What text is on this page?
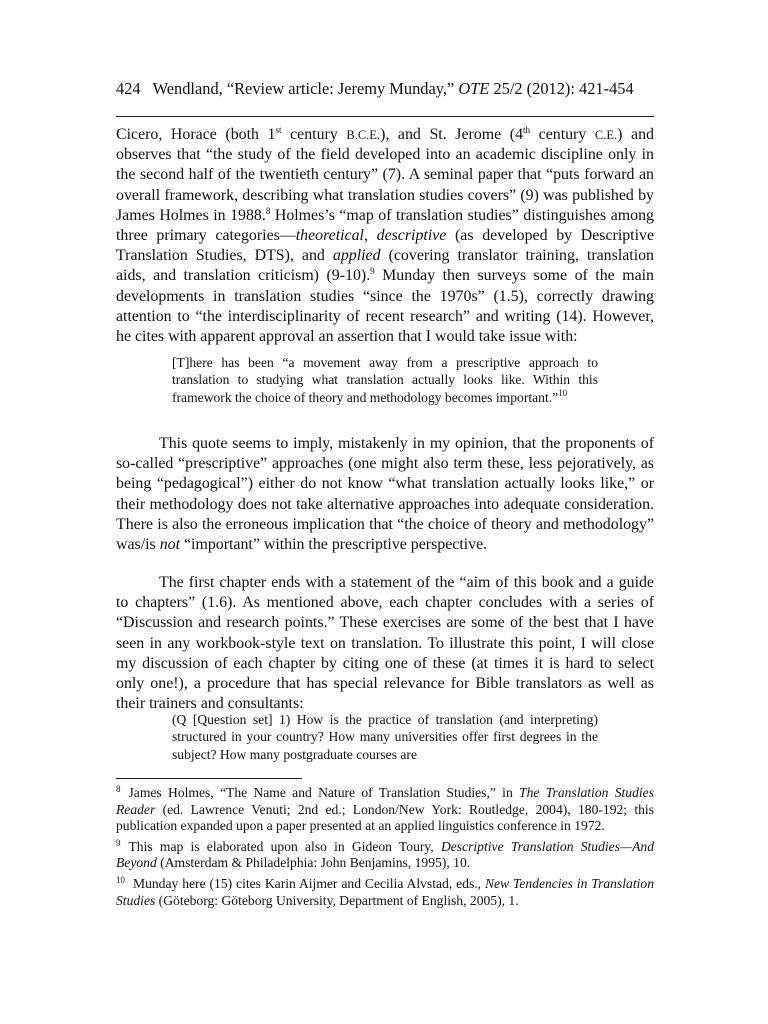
424 Wendland, “Review article: Jeremy Munday,” OTE 25/2 (2012): 421-454
Cicero, Horace (both 1st century B.C.E.), and St. Jerome (4th century C.E.) and observes that “the study of the field developed into an academic discipline only in the second half of the twentieth century” (7). A seminal paper that “puts forward an overall framework, describing what translation studies covers” (9) was published by James Holmes in 1988.$^8$ Holmes’s “map of translation studies” distinguishes among three primary categories—theoretical, descriptive (as developed by Descriptive Translation Studies, DTS), and applied (covering translator training, translation aids, and translation criticism) (9-10).$^9$ Munday then surveys some of the main developments in translation studies “since the 1970s” (1.5), correctly drawing attention to “the interdisciplinarity of recent research” and writing (14). However, he cites with apparent approval an assertion that I would take issue with:
[T]here has been “a movement away from a prescriptive approach to translation to studying what translation actually looks like. Within this framework the choice of theory and methodology becomes important.”$^{10}$
This quote seems to imply, mistakenly in my opinion, that the proponents of so-called “prescriptive” approaches (one might also term these, less pejoratively, as being “pedagogical”) either do not know “what translation actually looks like,” or their methodology does not take alternative approaches into adequate consideration. There is also the erroneous implication that “the choice of theory and methodology” was/is not “important” within the prescriptive perspective.
The first chapter ends with a statement of the “aim of this book and a guide to chapters” (1.6). As mentioned above, each chapter concludes with a series of “Discussion and research points.” These exercises are some of the best that I have seen in any workbook-style text on translation. To illustrate this point, I will close my discussion of each chapter by citing one of these (at times it is hard to select only one!), a procedure that has special relevance for Bible translators as well as their trainers and consultants:
(Q [Question set] 1) How is the practice of translation (and interpreting) structured in your country? How many universities offer first degrees in the subject? How many postgraduate courses are

$^8$ James Holmes, “The Name and Nature of Translation Studies,” in The Translation Studies Reader (ed. Lawrence Venuti; 2nd ed.; London/New York: Routledge, 2004), 180-192; this publication expanded upon a paper presented at an applied linguistics conference in 1972.

$^9$ This map is elaborated upon also in Gideon Toury, Descriptive Translation Studies—And Beyond (Amsterdam & Philadelphia: John Benjamins, 1995), 10.

$^{10}$ Munday here (15) cites Karin Aijmer and Cecilia Alvstad, eds., New Tendencies in Translation Studies (Göteborg: Göteborg University, Department of English, 2005), 1.
